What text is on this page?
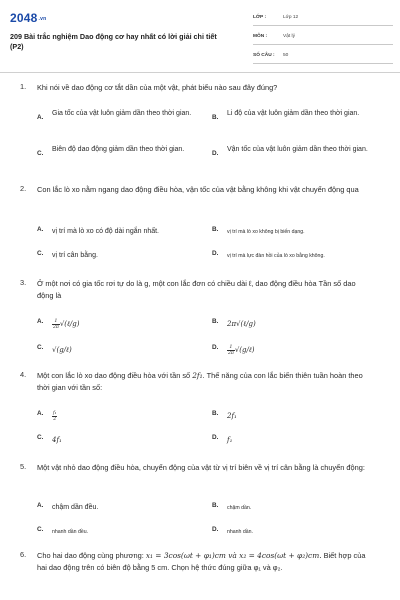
2048.vn
209 Bài trắc nghiệm Dao động cơ hay nhất có lời giải chi tiết (P2)
LỚP :	Lớp 12
MÔN :	Vật lý
SỐ CÂU : 50
1. Khi nói về dao động cơ tắt dần của một vật, phát biểu nào sau đây đúng?
A.
Gia tốc của vật luôn giảm dần theo thời gian.
B.
Li độ của vật luôn giảm dần theo thời gian.
C.
Biên độ dao động giảm dần theo thời gian.
D.
Vận tốc của vật luôn giảm dần theo thời gian.
2. Con lắc lò xo nằm ngang dao động điều hòa, vận tốc của vật bằng không khi vật chuyển động qua
A. vị trí mà lò xo có độ dài ngắn nhất.	B. vị trí mà lò xo không bị biến dạng.
C. vị trí cân bằng.	D. vị trí mà lực đàn hồi của lò xo bằng không.
3. Ở một nơi có gia tốc rơi tự do là g, một con lắc đơn có chiều dài ℓ, dao động điều hòa Tần số dao động là
A. $\frac{1}{2\pi}$ √(ℓ/g)	B. 2π√(ℓ/g)
C. √(g/ℓ)	D. $\frac{1}{2\pi}$ √(g/ℓ)
4. Một con lắc lò xo dao động điều hòa với tần số 2f₁. Thế năng của con lắc biến thiên tuần hoàn theo thời gian với tần số:
A. $\frac{\text{f₁}}{2}$	B. 2f₁
C. 4f₁	D. f₁
5. Một vật nhỏ dao động điều hòa, chuyển động của vật từ vị trí biên về vị trí cân bằng là chuyển động:
A. chậm dần đều.	B. chậm dần.
C. nhanh dần đều.	D. nhanh dần.
6. Cho hai dao động cùng phương: x₁ = 3cos(ωt + φ₁)cm và x₂ = 4cos(ωt + φ₂)cm. Biết hợp của hai dao động trên có biên độ bằng 5 cm. Chọn hệ thức đúng giữa φ₁ và φ₂.
